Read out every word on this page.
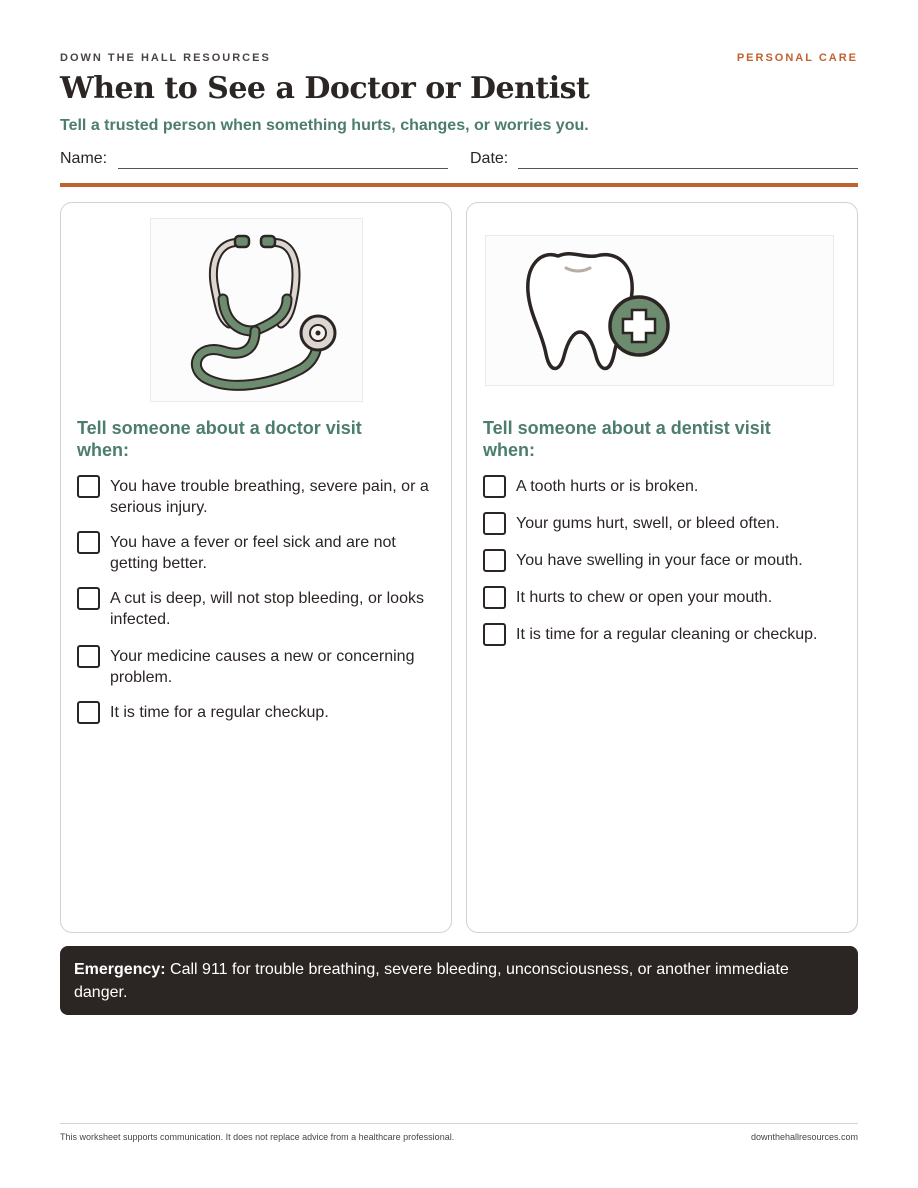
DOWN THE HALL RESOURCES	PERSONAL CARE
When to See a Doctor or Dentist
Tell a trusted person when something hurts, changes, or worries you.
Name:	Date:
Tell someone about a doctor visit when:
You have trouble breathing, severe pain, or a serious injury.
You have a fever or feel sick and are not getting better.
A cut is deep, will not stop bleeding, or looks infected.
Your medicine causes a new or concerning problem.
It is time for a regular checkup.
Tell someone about a dentist visit when:
A tooth hurts or is broken.
Your gums hurt, swell, or bleed often.
You have swelling in your face or mouth.
It hurts to chew or open your mouth.
It is time for a regular cleaning or checkup.
Emergency: Call 911 for trouble breathing, severe bleeding, unconsciousness, or another immediate danger.
This worksheet supports communication. It does not replace advice from a healthcare professional.	downthehallresources.com
